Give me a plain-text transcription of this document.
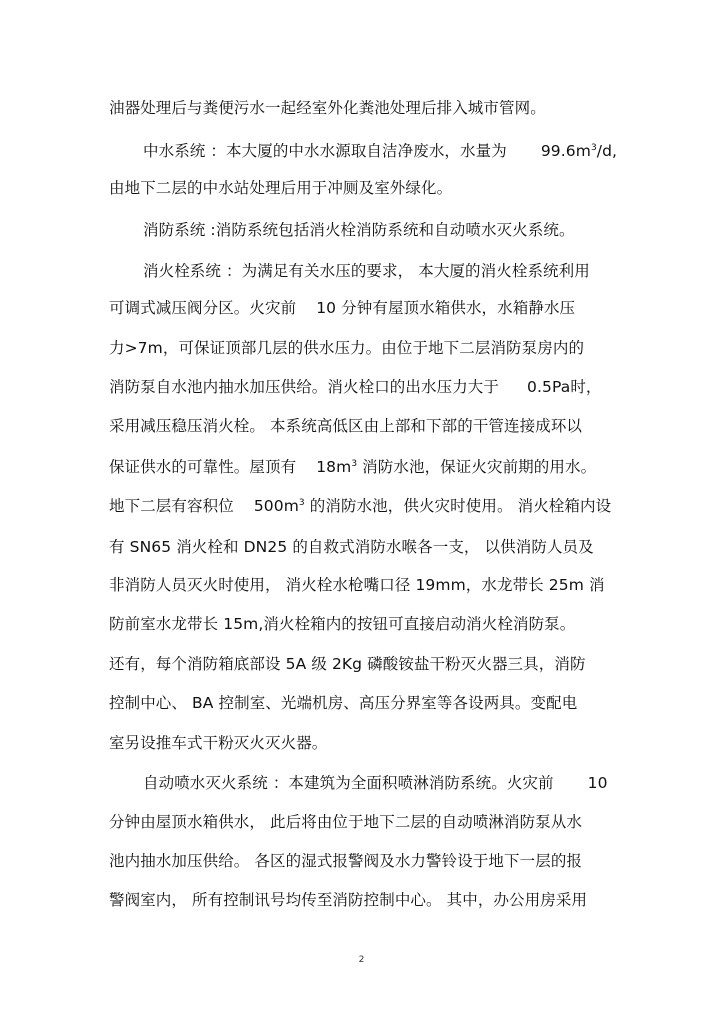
油器处理后与粪便污水一起经室外化粪池处理后排入城市管网。
中水系统 ：本大厦的中水水源取自洁净废水，水量为 $99.6m^3/d$,
由地下二层的中水站处理后用于冲厕及室外绿化。
消防系统 :消防系统包括消火栓消防系统和自动喷水灭火系统。
消火栓系统 ：为满足有关水压的要求， 本大厦的消火栓系统利用
可调式减压阀分区。火灾前 10 分钟有屋顶水箱供水，水箱静水压
力>7m，可保证顶部几层的供水压力。由位于地下二层消防泵房内的
消防泵自水池内抽水加压供给。消火栓口的出水压力大于 0.5Pa时，
采用减压稳压消火栓。 本系统高低区由上部和下部的干管连接成环以
保证供水的可靠性。屋顶有 $18m^3$ 消防水池，保证火灾前期的用水。
地下二层有容积位 $500m^3$ 的消防水池，供火灾时使用。 消火栓箱内设
有 SN65 消火栓和 DN25 的自救式消防水喉各一支， 以供消防人员及
非消防人员灭火时使用， 消火栓水枪嘴口径 19mm，水龙带长 25m 消
防前室水龙带长 15m,消火栓箱内的按钮可直接启动消火栓消防泵。
还有，每个消防箱底部设 5A 级 2Kg 磷酸铵盐干粉灭火器三具，消防
控制中心、 BA 控制室、光端机房、高压分界室等各设两具。变配电
室另设推车式干粉灭火灭火器。
自动喷水灭火系统 ：本建筑为全面积喷淋消防系统。火灾前 10
分钟由屋顶水箱供水， 此后将由位于地下二层的自动喷淋消防泵从水
池内抽水加压供给。 各区的湿式报警阀及水力警铃设于地下一层的报
警阀室内， 所有控制讯号均传至消防控制中心。 其中，办公用房采用
2
